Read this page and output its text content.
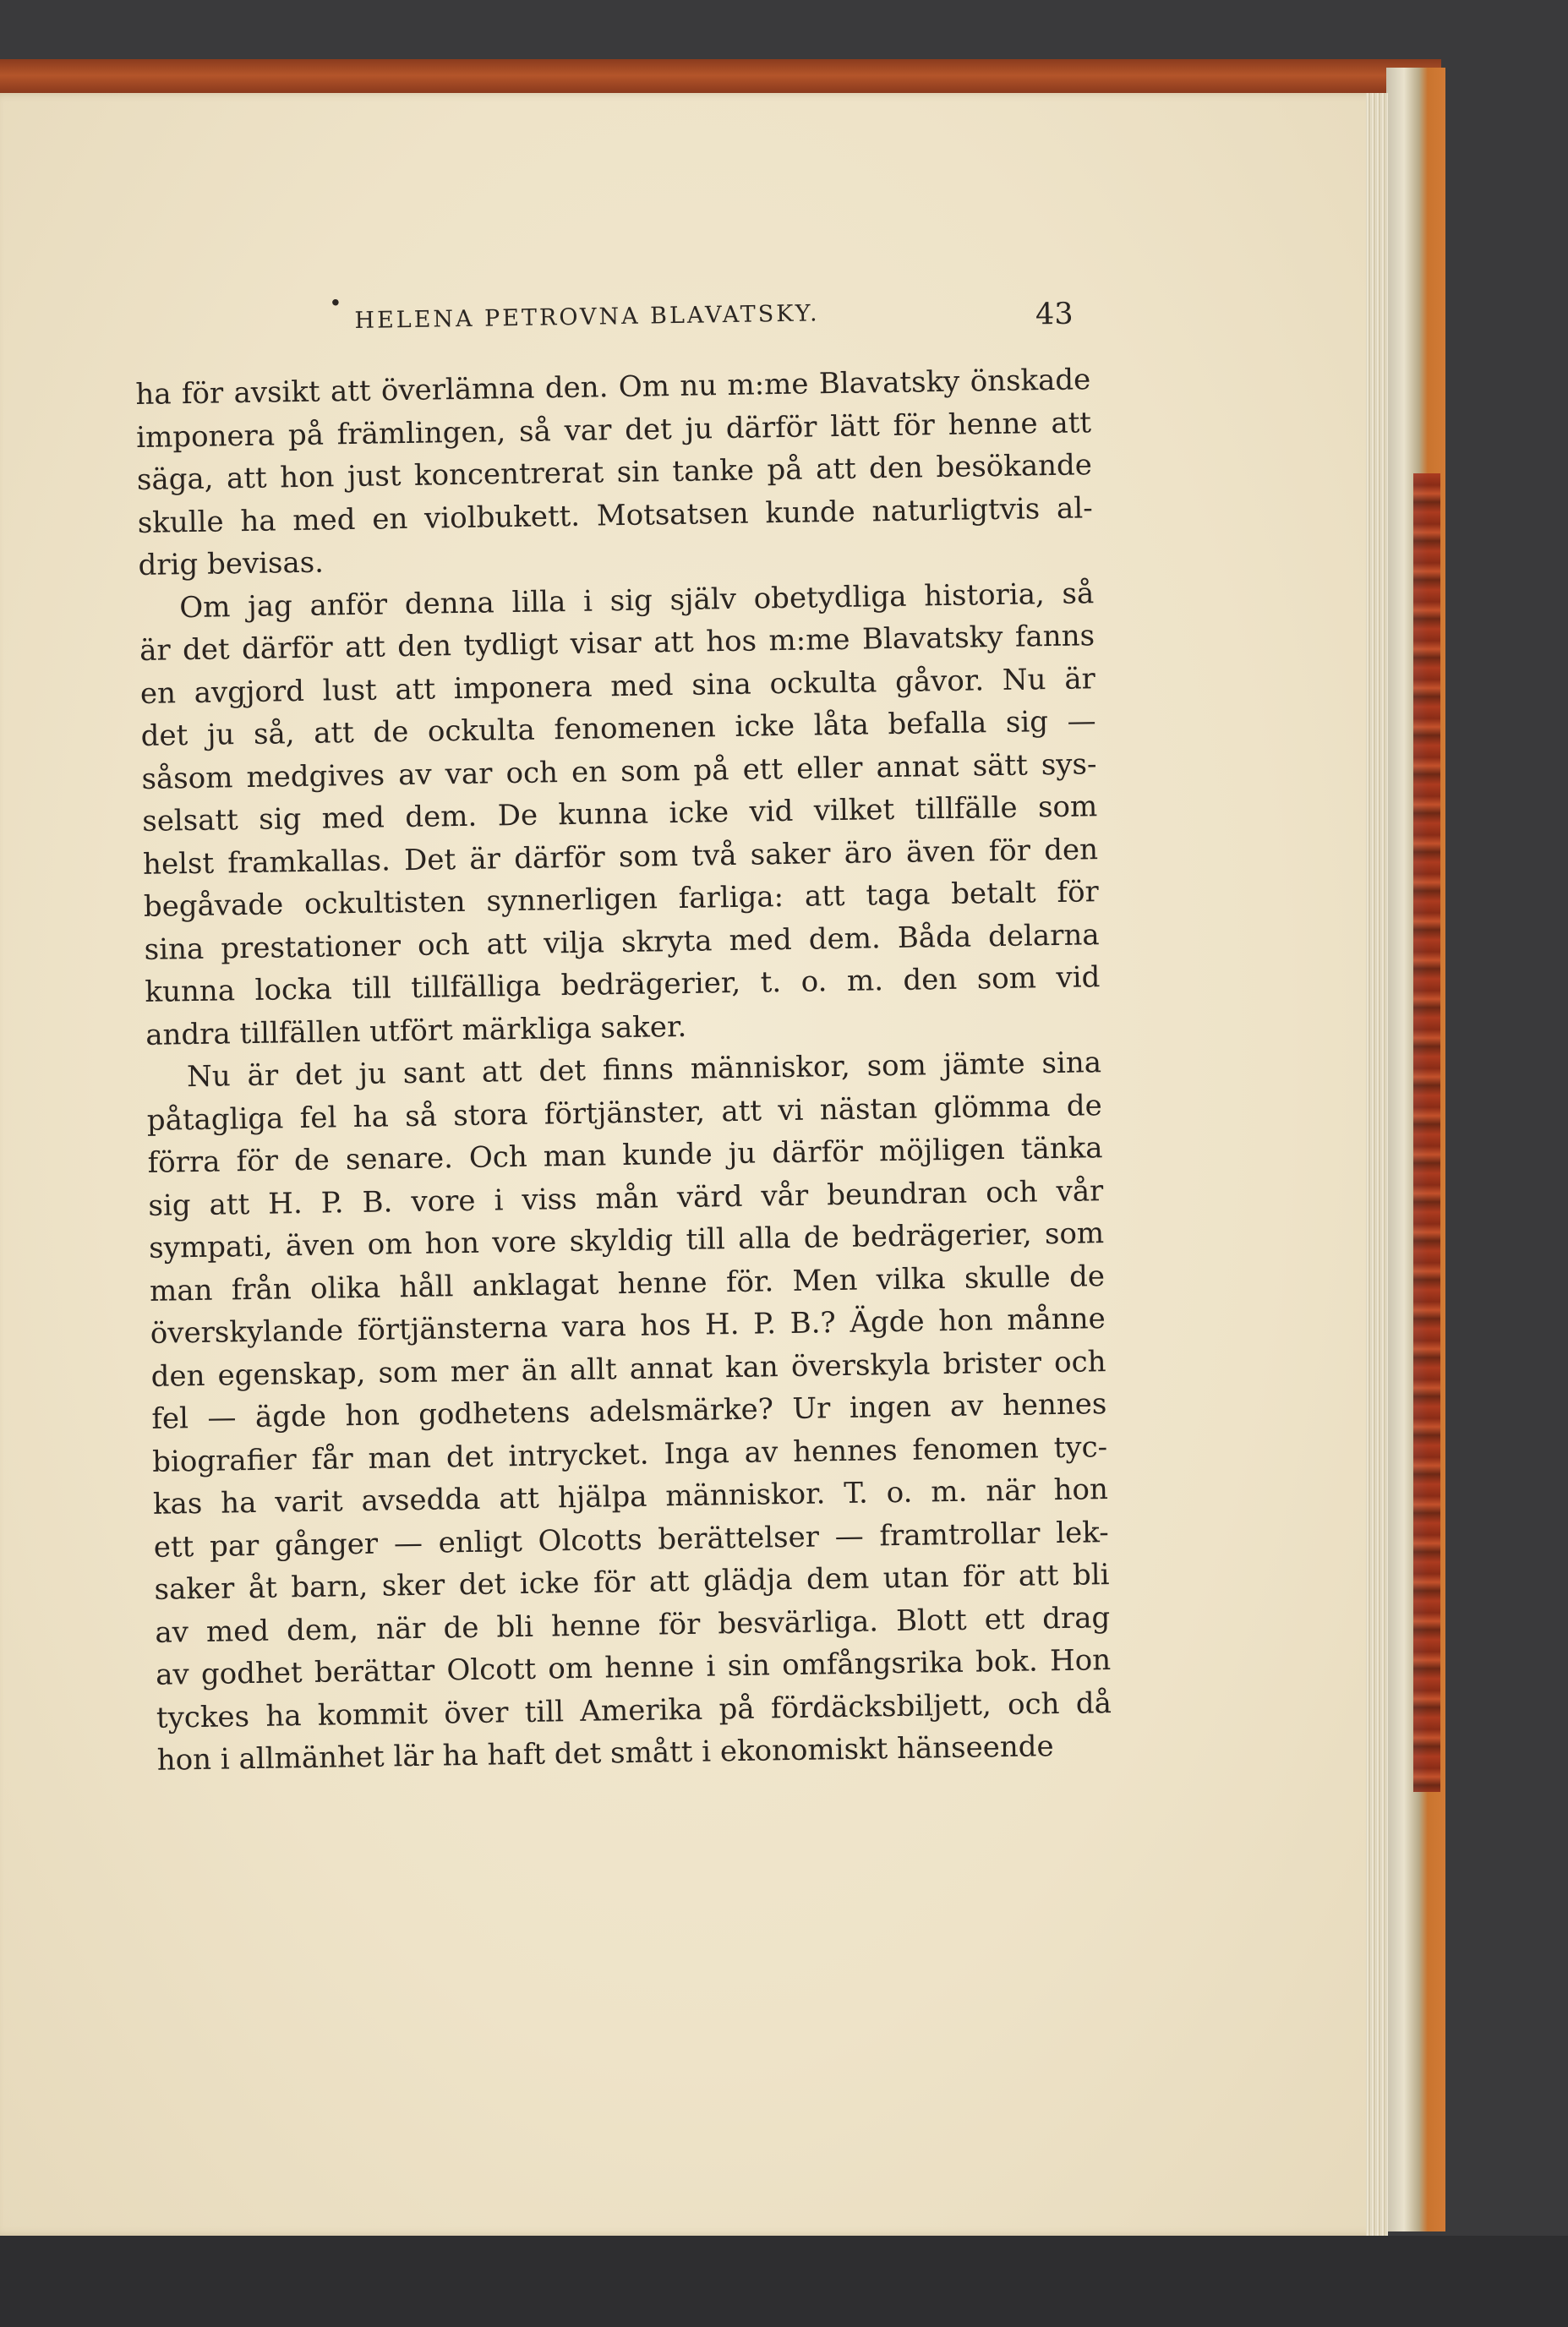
• HELENA PETROVNA BLAVATSKY.	43
ha för avsikt att överlämna den. Om nu m:me Blavatsky önskade
imponera på främlingen, så var det ju därför lätt för henne att
säga, att hon just koncentrerat sin tanke på att den besökande
skulle ha med en violbukett. Motsatsen kunde naturligtvis al-
drig bevisas.
Om jag anför denna lilla i sig själv obetydliga historia, så
är det därför att den tydligt visar att hos m:me Blavatsky fanns
en avgjord lust att imponera med sina ockulta gåvor. Nu är
det ju så, att de ockulta fenomenen icke låta befalla sig —
såsom medgives av var och en som på ett eller annat sätt sys-
selsatt sig med dem. De kunna icke vid vilket tillfälle som
helst framkallas. Det är därför som två saker äro även för den
begåvade ockultisten synnerligen farliga: att taga betalt för
sina prestationer och att vilja skryta med dem. Båda delarna
kunna locka till tillfälliga bedrägerier, t. o. m. den som vid
andra tillfällen utfört märkliga saker.
Nu är det ju sant att det finns människor, som jämte sina
påtagliga fel ha så stora förtjänster, att vi nästan glömma de
förra för de senare. Och man kunde ju därför möjligen tänka
sig att H. P. B. vore i viss mån värd vår beundran och vår
sympati, även om hon vore skyldig till alla de bedrägerier, som
man från olika håll anklagat henne för. Men vilka skulle de
överskylande förtjänsterna vara hos H. P. B.? Ägde hon månne
den egenskap, som mer än allt annat kan överskyla brister och
fel — ägde hon godhetens adelsmärke? Ur ingen av hennes
biografier får man det intrycket. Inga av hennes fenomen tyc-
kas ha varit avsedda att hjälpa människor. T. o. m. när hon
ett par gånger — enligt Olcotts berättelser — framtrollar lek-
saker åt barn, sker det icke för att glädja dem utan för att bli
av med dem, när de bli henne för besvärliga. Blott ett drag
av godhet berättar Olcott om henne i sin omfångsrika bok. Hon
tyckes ha kommit över till Amerika på fördäcksbiljett, och då
hon i allmänhet lär ha haft det smått i ekonomiskt hänseende
